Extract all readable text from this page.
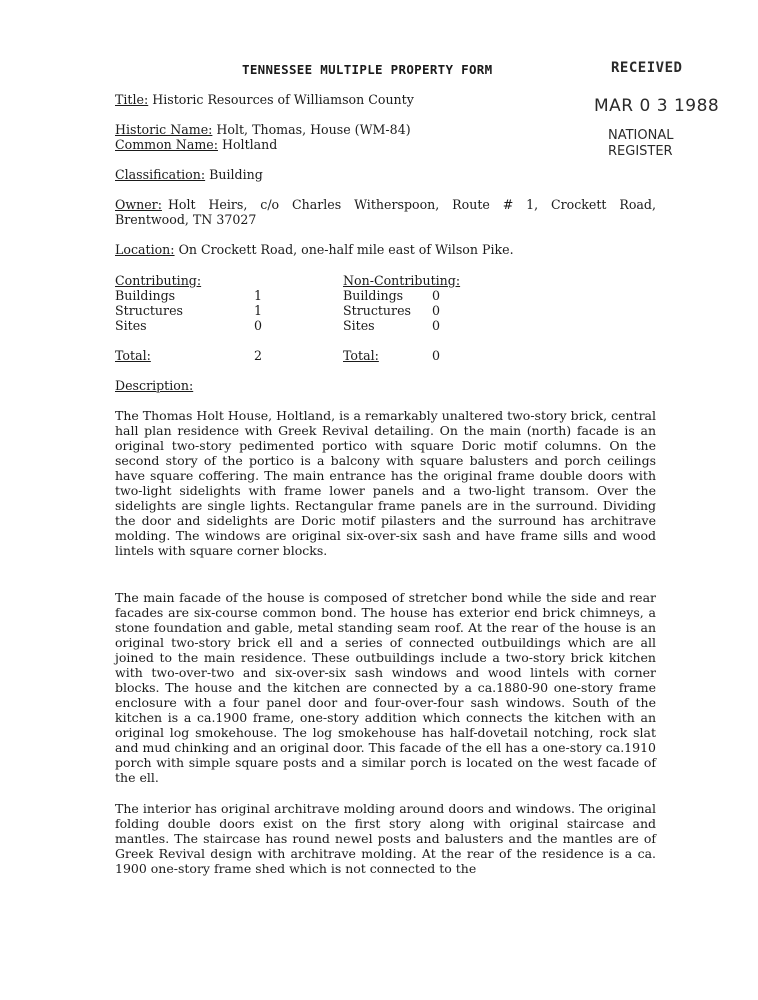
TENNESSEE MULTIPLE PROPERTY FORM	RECEIVED
MAR 0 3 1988
NATIONAL
REGISTER
Title: Historic Resources of Williamson County
Historic Name: Holt, Thomas, House (WM-84)
Common Name: Holtland
Classification: Building
Owner: Holt Heirs, c/o Charles Witherspoon, Route # 1, Crockett Road,
Brentwood, TN 37027
Location: On Crockett Road, one-half mile east of Wilson Pike.
Contributing:
Buildings	1
Structures	1
Sites	0
Total:	2
Non-Contributing:
Buildings 0
Structures 0
Sites	0
Total:	0
Description:

The Thomas Holt House, Holtland, is a remarkably unaltered two-story brick, central hall plan residence with Greek Revival detailing. On the main (north) facade is an original two-story pedimented portico with square Doric motif columns. On the second story of the portico is a balcony with square balusters and porch ceilings have square coffering. The main entrance has the original frame double doors with two-light sidelights with frame lower panels and a two-light transom. Over the sidelights are single lights. Rectangular frame panels are in the surround. Dividing the door and sidelights are Doric motif pilasters and the surround has architrave molding. The windows are original six-over-six sash and have frame sills and wood lintels with square corner blocks.

The main facade of the house is composed of stretcher bond while the side and rear facades are six-course common bond. The house has exterior end brick chimneys, a stone foundation and gable, metal standing seam roof. At the rear of the house is an original two-story brick ell and a series of connected outbuildings which are all joined to the main residence. These outbuildings include a two-story brick kitchen with two-over-two and six-over-six sash windows and wood lintels with corner blocks. The house and the kitchen are connected by a ca.1880-90 one-story frame enclosure with a four panel door and four-over-four sash windows. South of the kitchen is a ca.1900 frame, one-story addition which connects the kitchen with an original log smokehouse. The log smokehouse has half-dovetail notching, rock slat and mud chinking and an original door. This facade of the ell has a one-story ca.1910 porch with simple square posts and a similar porch is located on the west facade of the ell.

The interior has original architrave molding around doors and windows. The original folding double doors exist on the first story along with original staircase and mantles. The staircase has round newel posts and balusters and the mantles are of Greek Revival design with architrave molding. At the rear of the residence is a ca. 1900 one-story frame shed which is not connected to the
